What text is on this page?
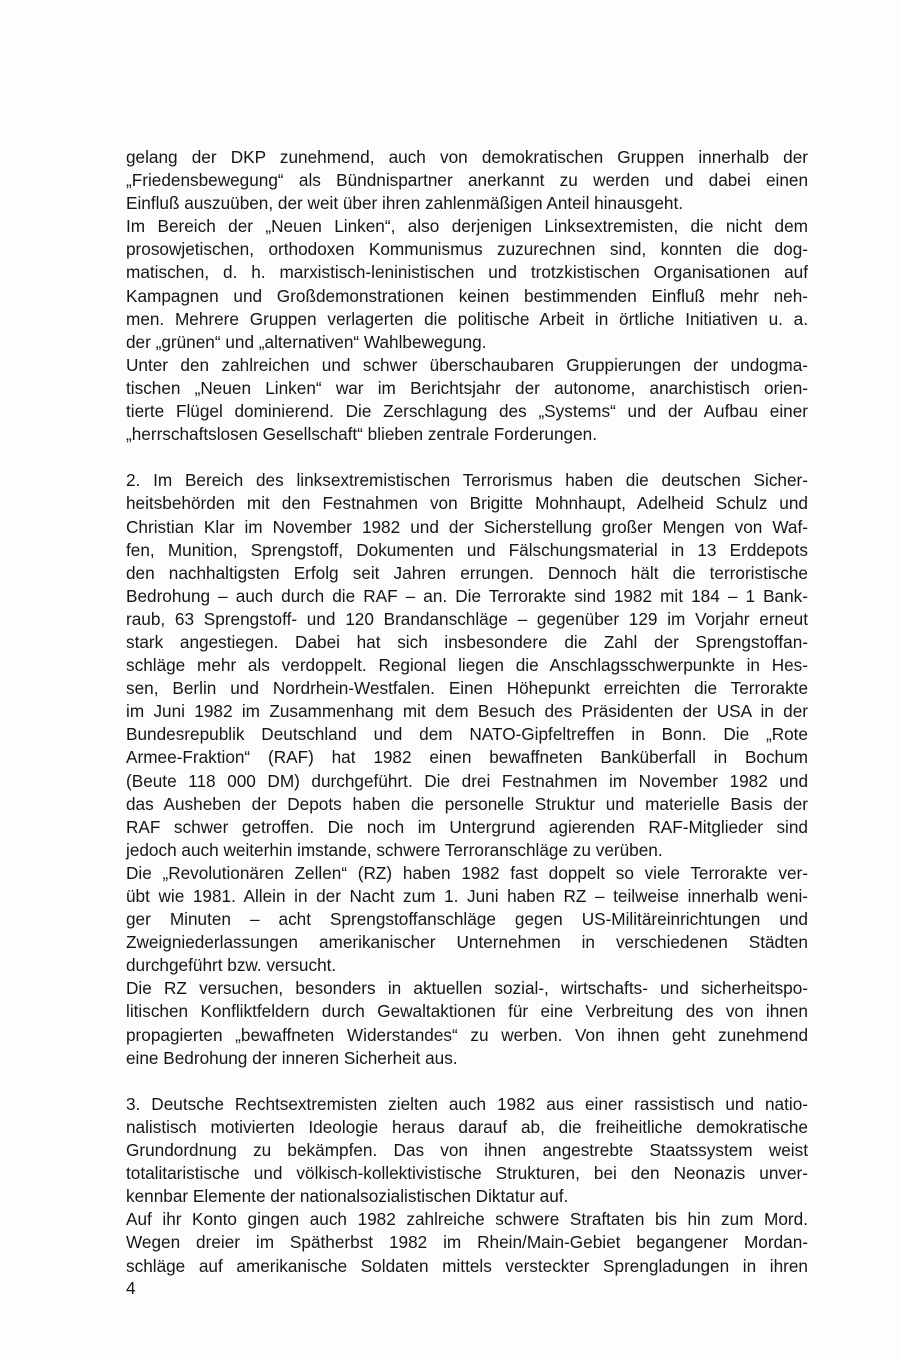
gelang der DKP zunehmend, auch von demokratischen Gruppen innerhalb der
„Friedensbewegung“ als Bündnispartner anerkannt zu werden und dabei einen
Einfluß auszuüben, der weit über ihren zahlenmäßigen Anteil hinausgeht.
Im Bereich der „Neuen Linken“, also derjenigen Linksextremisten, die nicht dem
prosowjetischen, orthodoxen Kommunismus zuzurechnen sind, konnten die dog-
matischen, d. h. marxistisch-leninistischen und trotzkistischen Organisationen auf
Kampagnen und Großdemonstrationen keinen bestimmenden Einfluß mehr neh-
men. Mehrere Gruppen verlagerten die politische Arbeit in örtliche Initiativen u. a.
der „grünen“ und „alternativen“ Wahlbewegung.
Unter den zahlreichen und schwer überschaubaren Gruppierungen der undogma-
tischen „Neuen Linken“ war im Berichtsjahr der autonome, anarchistisch orien-
tierte Flügel dominierend. Die Zerschlagung des „Systems“ und der Aufbau einer
„herrschaftslosen Gesellschaft“ blieben zentrale Forderungen.
2. Im Bereich des linksextremistischen Terrorismus haben die deutschen Sicher-
heitsbehörden mit den Festnahmen von Brigitte Mohnhaupt, Adelheid Schulz und
Christian Klar im November 1982 und der Sicherstellung großer Mengen von Waf-
fen, Munition, Sprengstoff, Dokumenten und Fälschungsmaterial in 13 Erddepots
den nachhaltigsten Erfolg seit Jahren errungen. Dennoch hält die terroristische
Bedrohung – auch durch die RAF – an. Die Terrorakte sind 1982 mit 184 – 1 Bank-
raub, 63 Sprengstoff- und 120 Brandanschläge – gegenüber 129 im Vorjahr erneut
stark angestiegen. Dabei hat sich insbesondere die Zahl der Sprengstoffan-
schläge mehr als verdoppelt. Regional liegen die Anschlagsschwerpunkte in Hes-
sen, Berlin und Nordrhein-Westfalen. Einen Höhepunkt erreichten die Terrorakte
im Juni 1982 im Zusammenhang mit dem Besuch des Präsidenten der USA in der
Bundesrepublik Deutschland und dem NATO-Gipfeltreffen in Bonn. Die „Rote
Armee-Fraktion“ (RAF) hat 1982 einen bewaffneten Banküberfall in Bochum
(Beute 118 000 DM) durchgeführt. Die drei Festnahmen im November 1982 und
das Ausheben der Depots haben die personelle Struktur und materielle Basis der
RAF schwer getroffen. Die noch im Untergrund agierenden RAF-Mitglieder sind
jedoch auch weiterhin imstande, schwere Terroranschläge zu verüben.
Die „Revolutionären Zellen“ (RZ) haben 1982 fast doppelt so viele Terrorakte ver-
übt wie 1981. Allein in der Nacht zum 1. Juni haben RZ – teilweise innerhalb weni-
ger Minuten – acht Sprengstoffanschläge gegen US-Militäreinrichtungen und
Zweigniederlassungen amerikanischer Unternehmen in verschiedenen Städten
durchgeführt bzw. versucht.
Die RZ versuchen, besonders in aktuellen sozial-, wirtschafts- und sicherheitspo-
litischen Konfliktfeldern durch Gewaltaktionen für eine Verbreitung des von ihnen
propagierten „bewaffneten Widerstandes“ zu werben. Von ihnen geht zunehmend
eine Bedrohung der inneren Sicherheit aus.
3. Deutsche Rechtsextremisten zielten auch 1982 aus einer rassistisch und natio-
nalistisch motivierten Ideologie heraus darauf ab, die freiheitliche demokratische
Grundordnung zu bekämpfen. Das von ihnen angestrebte Staatssystem weist
totalitaristische und völkisch-kollektivistische Strukturen, bei den Neonazis unver-
kennbar Elemente der nationalsozialistischen Diktatur auf.
Auf ihr Konto gingen auch 1982 zahlreiche schwere Straftaten bis hin zum Mord.
Wegen dreier im Spätherbst 1982 im Rhein/Main-Gebiet begangener Mordan-
schläge auf amerikanische Soldaten mittels versteckter Sprengladungen in ihren
4
